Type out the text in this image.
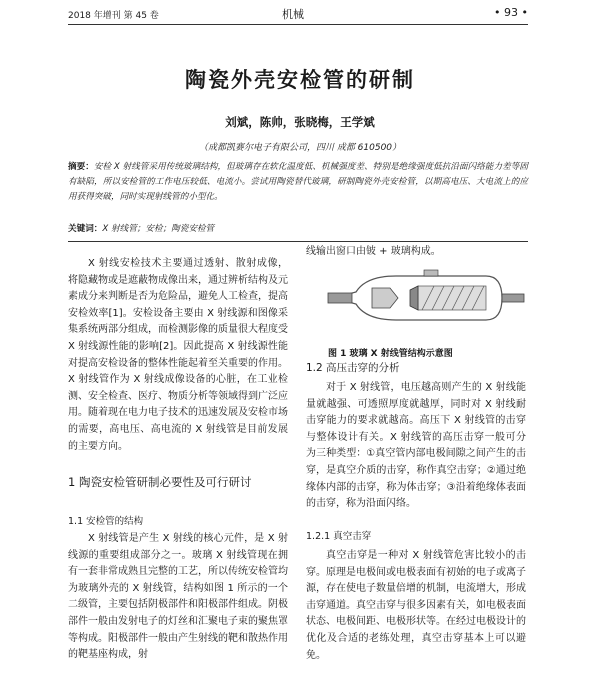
2018 年增刊 第 45 卷	机械	• 93 •
陶瓷外壳安检管的研制
刘斌，陈帅，张晓梅，王学斌
（成都凯赛尔电子有限公司，四川 成都 610500）
摘要：安检 X 射线管采用传统玻璃结构，但玻璃存在软化温度低、机械强度差、特别是绝缘强度低抗沿面闪络能力差等固有缺陷，所以安检管的工作电压较低、电流小。尝试用陶瓷替代玻璃，研制陶瓷外壳安检管，以期高电压、大电流上的应用获得突破，同时实现射线管的小型化。
关键词：X 射线管；安检；陶瓷安检管

X 射线安检技术主要通过透射、散射成像，将隐藏物或是遮蔽物成像出来，通过辨析结构及元素成分来判断是否为危险品，避免人工检查，提高安检效率[1]。安检设备主要由 X 射线源和图像采集系统两部分组成，而检测影像的质量很大程度受 X 射线源性能的影响[2]。因此提高 X 射线源性能对提高安检设备的整体性能起着至关重要的作用。X 射线管作为 X 射线成像设备的心脏，在工业检测、安全检查、医疗、物质分析等领域得到广泛应用。随着现在电力电子技术的迅速发展及安检市场的需要，高电压、高电流的 X 射线管是目前发展的主要方向。

1 陶瓷安检管研制必要性及可行研讨
1.1 安检管的结构

X 射线管是产生 X 射线的核心元件，是 X 射线源的重要组成部分之一。玻璃 X 射线管现在拥有一套非常成熟且完整的工艺，所以传统安检管均为玻璃外壳的 X 射线管，结构如图 1 所示的一个二级管，主要包括阴极部件和阳极部件组成。阴极部件一般由发射电子的灯丝和汇聚电子束的聚焦罩等构成。阳极部件一般由产生射线的靶和散热作用的靶基座构成，射

线输出窗口由铍 + 玻璃构成。

图 1 玻璃 X 射线管结构示意图
1.2 高压击穿的分析

对于 X 射线管，电压越高则产生的 X 射线能量就越强、可透照厚度就越厚，同时对 X 射线耐击穿能力的要求就越高。高压下 X 射线管的击穿与整体设计有关。X 射线管的高压击穿一般可分为三种类型：①真空管内部电极间隙之间产生的击穿，是真空介质的击穿，称作真空击穿；②通过绝缘体内部的击穿，称为体击穿；③沿着绝缘体表面的击穿，称为沿面闪络。

1.2.1 真空击穿

真空击穿是一种对 X 射线管危害比较小的击穿。原理是电极间或电极表面有初始的电子或离子源，存在使电子数量倍增的机制，电流增大，形成击穿通道。真空击穿与很多因素有关，如电极表面状态、电极间距、电极形状等。在经过电极设计的优化及合适的老练处理，真空击穿基本上可以避免。
